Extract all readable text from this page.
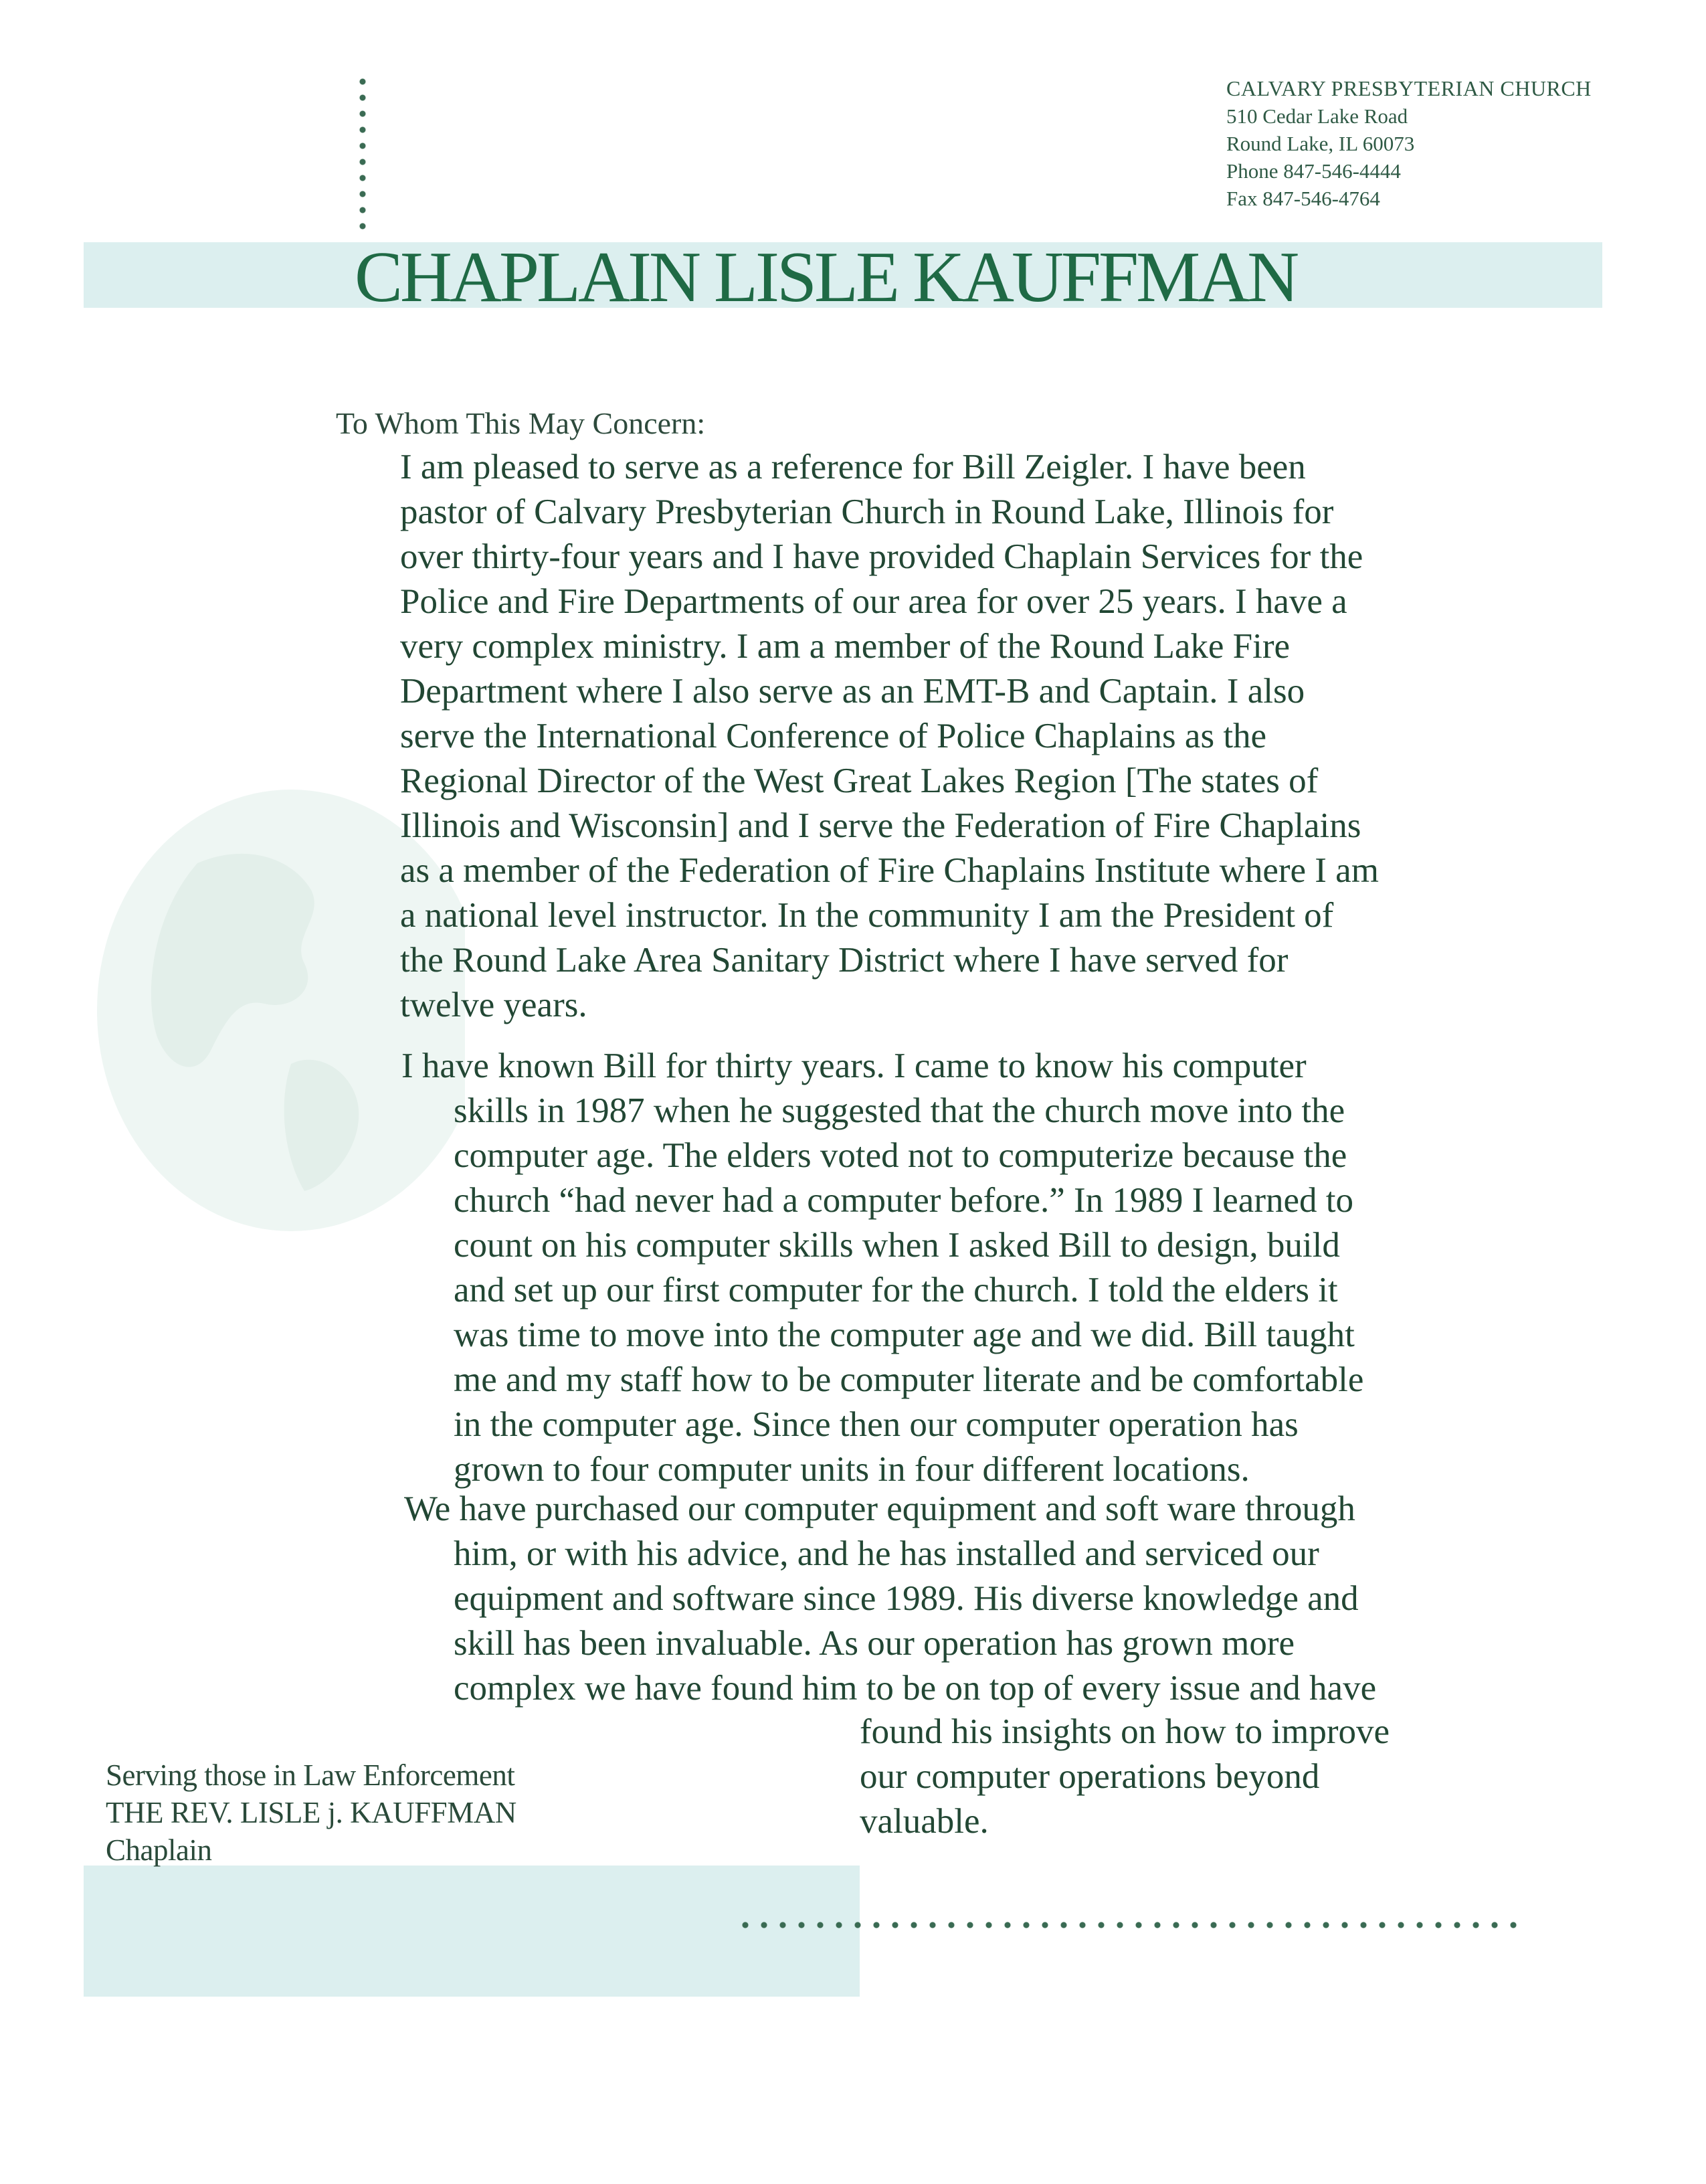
CALVARY PRESBYTERIAN CHURCH
510 Cedar Lake Road
Round Lake, IL 60073
Phone 847-546-4444
Fax 847-546-4764
CHAPLAIN LISLE KAUFFMAN
To Whom This May Concern:
I am pleased to serve as a reference for Bill Zeigler. I have been
pastor of Calvary Presbyterian Church in Round Lake, Illinois for
over thirty-four years and I have provided Chaplain Services for the
Police and Fire Departments of our area for over 25 years. I have a
very complex ministry. I am a member of the Round Lake Fire
Department where I also serve as an EMT-B and Captain. I also
serve the International Conference of Police Chaplains as the
Regional Director of the West Great Lakes Region [The states of
Illinois and Wisconsin] and I serve the Federation of Fire Chaplains
as a member of the Federation of Fire Chaplains Institute where I am
a national level instructor. In the community I am the President of
the Round Lake Area Sanitary District where I have served for
twelve years.
I have known Bill for thirty years. I came to know his computer
skills in 1987 when he suggested that the church move into the
computer age. The elders voted not to computerize because the
church “had never had a computer before.” In 1989 I learned to
count on his computer skills when I asked Bill to design, build
and set up our first computer for the church. I told the elders it
was time to move into the computer age and we did. Bill taught
me and my staff how to be computer literate and be comfortable
in the computer age. Since then our computer operation has
grown to four computer units in four different locations.
We have purchased our computer equipment and soft ware through
him, or with his advice, and he has installed and serviced our
equipment and software since 1989. His diverse knowledge and
skill has been invaluable. As our operation has grown more
complex we have found him to be on top of every issue and have
found his insights on how to improve
our computer operations beyond
valuable.
Serving those in Law Enforcement
THE REV. LISLE j. KAUFFMAN
Chaplain
